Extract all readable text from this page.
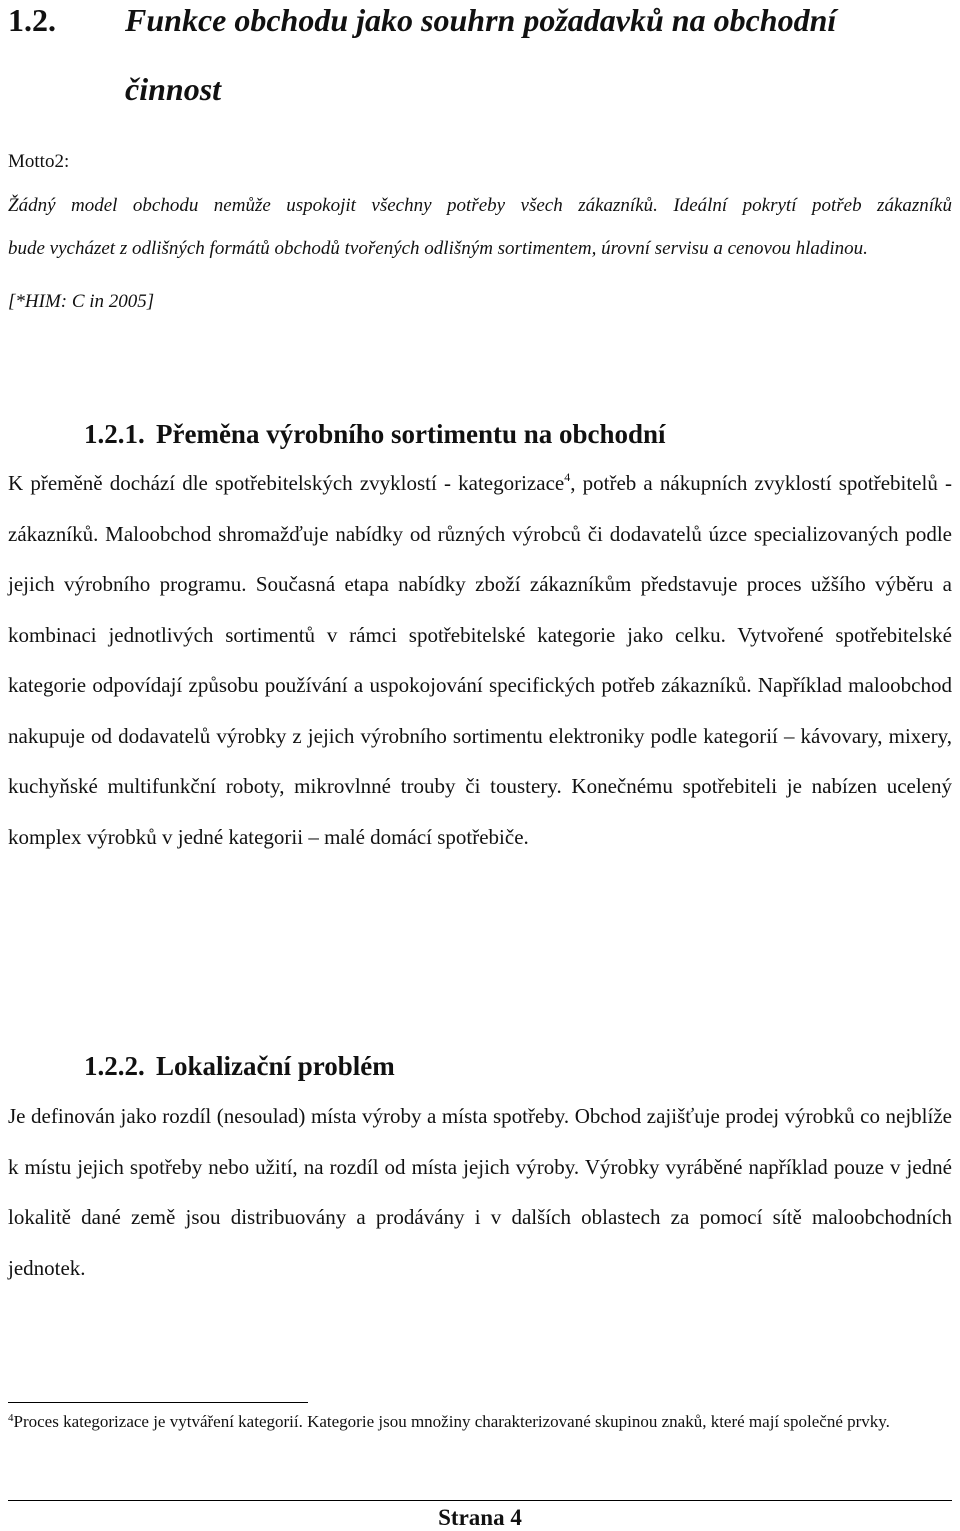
1.2. Funkce obchodu jako souhrn požadavků na obchodní
činnost
Motto2:
Žádný model obchodu nemůže uspokojit všechny potřeby všech zákazníků. Ideální pokrytí potřeb zákazníků
bude vycházet z odlišných formátů obchodů tvořených odlišným sortimentem, úrovní servisu a cenovou hladinou.
[*HIM: C in 2005]
1.2.1. Přeměna výrobního sortimentu na obchodní

K přeměně dochází dle spotřebitelských zvyklostí - kategorizace$^4$, potřeb a nákupních zvyklostí spotřebitelů - zákazníků. Maloobchod shromažďuje nabídky od různých výrobců či dodavatelů úzce specializovaných podle jejich výrobního programu. Současná etapa nabídky zboží zákazníkům představuje proces užšího výběru a kombinaci jednotlivých sortimentů v rámci spotřebitelské kategorie jako celku. Vytvořené spotřebitelské kategorie odpovídají způsobu používání a uspokojování specifických potřeb zákazníků. Například maloobchod nakupuje od dodavatelů výrobky z jejich výrobního sortimentu elektroniky podle kategorií – kávovary, mixery, kuchyňské multifunkční roboty, mikrovlnné trouby či toustery. Konečnému spotřebiteli je nabízen ucelený komplex výrobků v jedné kategorii – malé domácí spotřebiče.

1.2.2. Lokalizační problém

Je definován jako rozdíl (nesoulad) místa výroby a místa spotřeby. Obchod zajišťuje prodej výrobků co nejblíže k místu jejich spotřeby nebo užití, na rozdíl od místa jejich výroby. Výrobky vyráběné například pouze v jedné lokalitě dané země jsou distribuovány a prodávány i v dalších oblastech za pomocí sítě maloobchodních jednotek.

$^4$Proces kategorizace je vytváření kategorií. Kategorie jsou množiny charakterizované skupinou znaků, které mají společné prvky.
Strana 4
